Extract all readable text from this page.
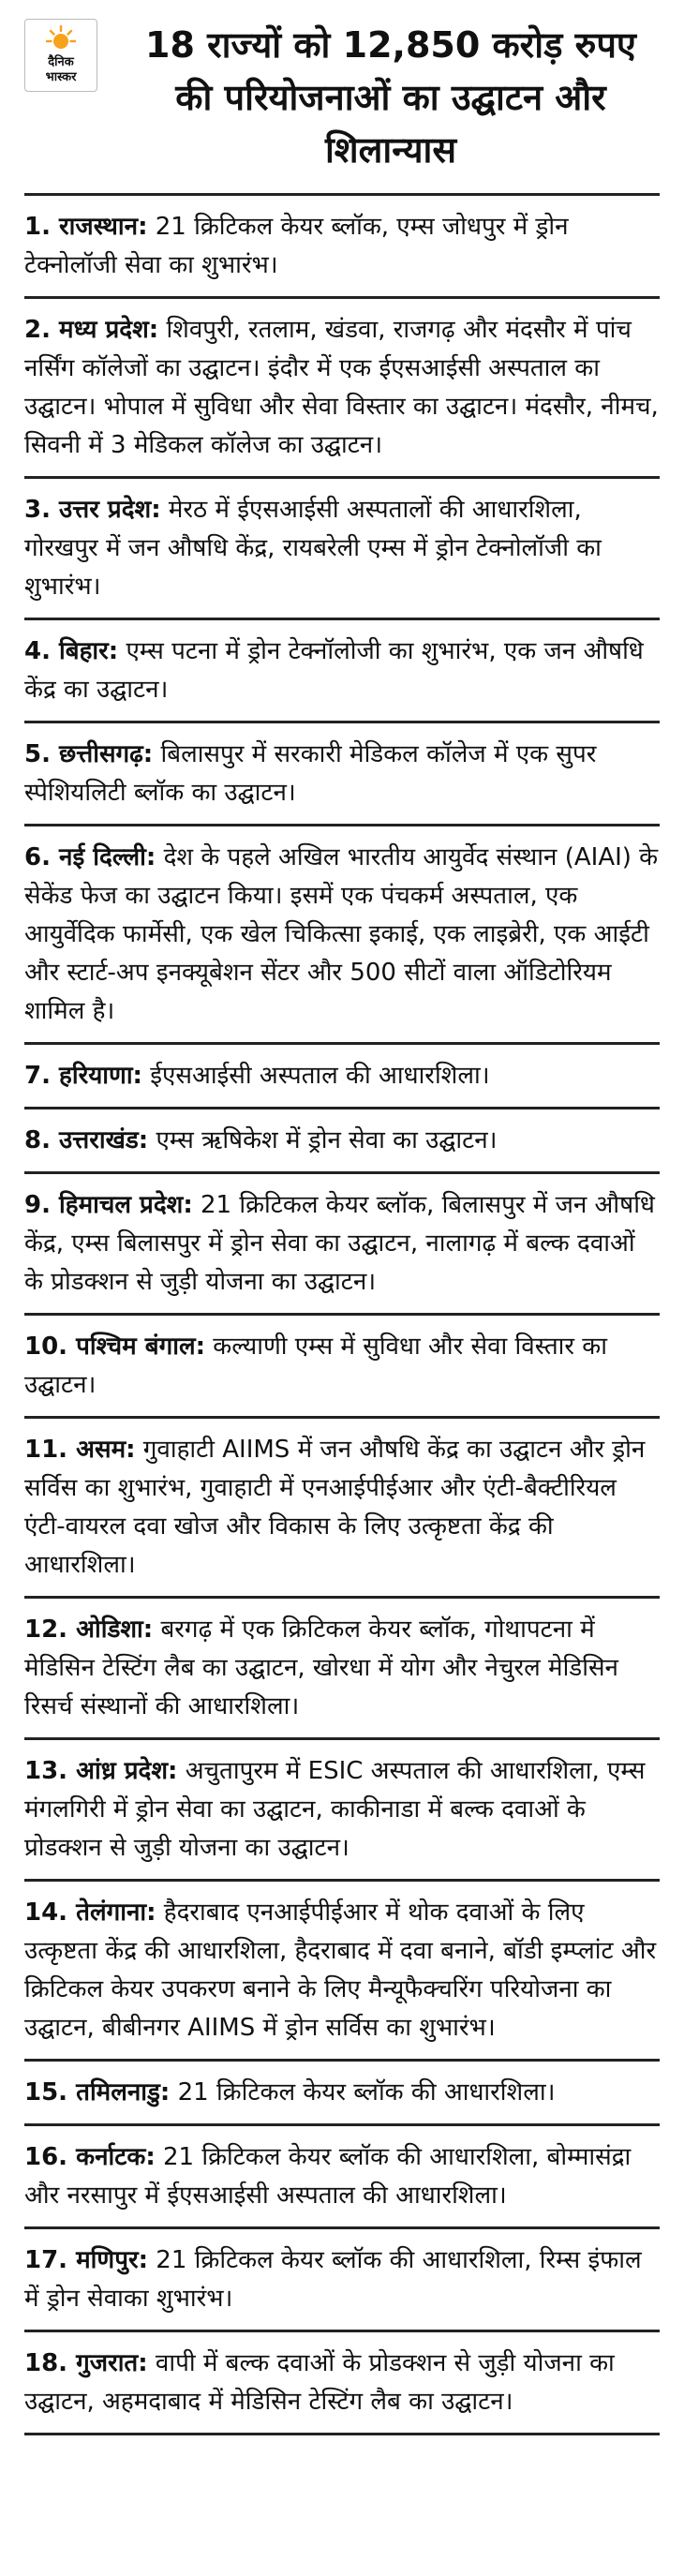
दैनिक
भास्कर
18 राज्यों को 12,850 करोड़ रुपए की परियोजनाओं का उद्घाटन और शिलान्यास
1. राजस्थान: 21 क्रिटिकल केयर ब्लॉक, एम्स जोधपुर में ड्रोन टेक्नोलॉजी सेवा का शुभारंभ।
2. मध्य प्रदेश: शिवपुरी, रतलाम, खंडवा, राजगढ़ और मंदसौर में पांच नर्सिंग कॉलेजों का उद्घाटन। इंदौर में एक ईएसआईसी अस्पताल का उद्घाटन। भोपाल में सुविधा और सेवा विस्तार का उद्घाटन। मंदसौर, नीमच, सिवनी में 3 मेडिकल कॉलेज का उद्घाटन।
3. उत्तर प्रदेश: मेरठ में ईएसआईसी अस्पतालों की आधारशिला, गोरखपुर में जन औषधि केंद्र, रायबरेली एम्स में ड्रोन टेक्नोलॉजी का शुभारंभ।
4. बिहार: एम्स पटना में ड्रोन टेक्नॉलोजी का शुभारंभ, एक जन औषधि केंद्र का उद्घाटन।
5. छत्तीसगढ़: बिलासपुर में सरकारी मेडिकल कॉलेज में एक सुपर स्पेशियलिटी ब्लॉक का उद्घाटन।
6. नई दिल्ली: देश के पहले अखिल भारतीय आयुर्वेद संस्थान (AIAI) के सेकेंड फेज का उद्घाटन किया। इसमें एक पंचकर्म अस्पताल, एक आयुर्वेदिक फार्मेसी, एक खेल चिकित्सा इकाई, एक लाइब्रेरी, एक आईटी और स्टार्ट-अप इनक्यूबेशन सेंटर और 500 सीटों वाला ऑडिटोरियम शामिल है।
7. हरियाणा: ईएसआईसी अस्पताल की आधारशिला।
8. उत्तराखंड: एम्स ऋषिकेश में ड्रोन सेवा का उद्घाटन।
9. हिमाचल प्रदेश: 21 क्रिटिकल केयर ब्लॉक, बिलासपुर में जन औषधि केंद्र, एम्स बिलासपुर में ड्रोन सेवा का उद्घाटन, नालागढ़ में बल्क दवाओं के प्रोडक्शन से जुड़ी योजना का उद्घाटन।
10. पश्चिम बंगाल: कल्याणी एम्स में सुविधा और सेवा विस्तार का उद्घाटन।
11. असम: गुवाहाटी AIIMS में जन औषधि केंद्र का उद्घाटन और ड्रोन सर्विस का शुभारंभ, गुवाहाटी में एनआईपीईआर और एंटी-बैक्टीरियल एंटी-वायरल दवा खोज और विकास के लिए उत्कृष्टता केंद्र की आधारशिला।
12. ओडिशा: बरगढ़ में एक क्रिटिकल केयर ब्लॉक, गोथापटना में मेडिसिन टेस्टिंग लैब का उद्घाटन, खोरधा में योग और नेचुरल मेडिसिन रिसर्च संस्थानों की आधारशिला।
13. आंध्र प्रदेश: अचुतापुरम में ESIC अस्पताल की आधारशिला, एम्स मंगलगिरी में ड्रोन सेवा का उद्घाटन, काकीनाडा में बल्क दवाओं के प्रोडक्शन से जुड़ी योजना का उद्घाटन।
14. तेलंगाना: हैदराबाद एनआईपीईआर में थोक दवाओं के लिए उत्कृष्टता केंद्र की आधारशिला, हैदराबाद में दवा बनाने, बॉडी इम्प्लांट और क्रिटिकल केयर उपकरण बनाने के लिए मैन्यूफैक्चरिंग परियोजना का उद्घाटन, बीबीनगर AIIMS में ड्रोन सर्विस का शुभारंभ।
15. तमिलनाडु: 21 क्रिटिकल केयर ब्लॉक की आधारशिला।
16. कर्नाटक: 21 क्रिटिकल केयर ब्लॉक की आधारशिला, बोम्मासंद्रा और नरसापुर में ईएसआईसी अस्पताल की आधारशिला।
17. मणिपुर: 21 क्रिटिकल केयर ब्लॉक की आधारशिला, रिम्स इंफाल में ड्रोन सेवाका शुभारंभ।
18. गुजरात: वापी में बल्क दवाओं के प्रोडक्शन से जुड़ी योजना का उद्घाटन, अहमदाबाद में मेडिसिन टेस्टिंग लैब का उद्घाटन।
